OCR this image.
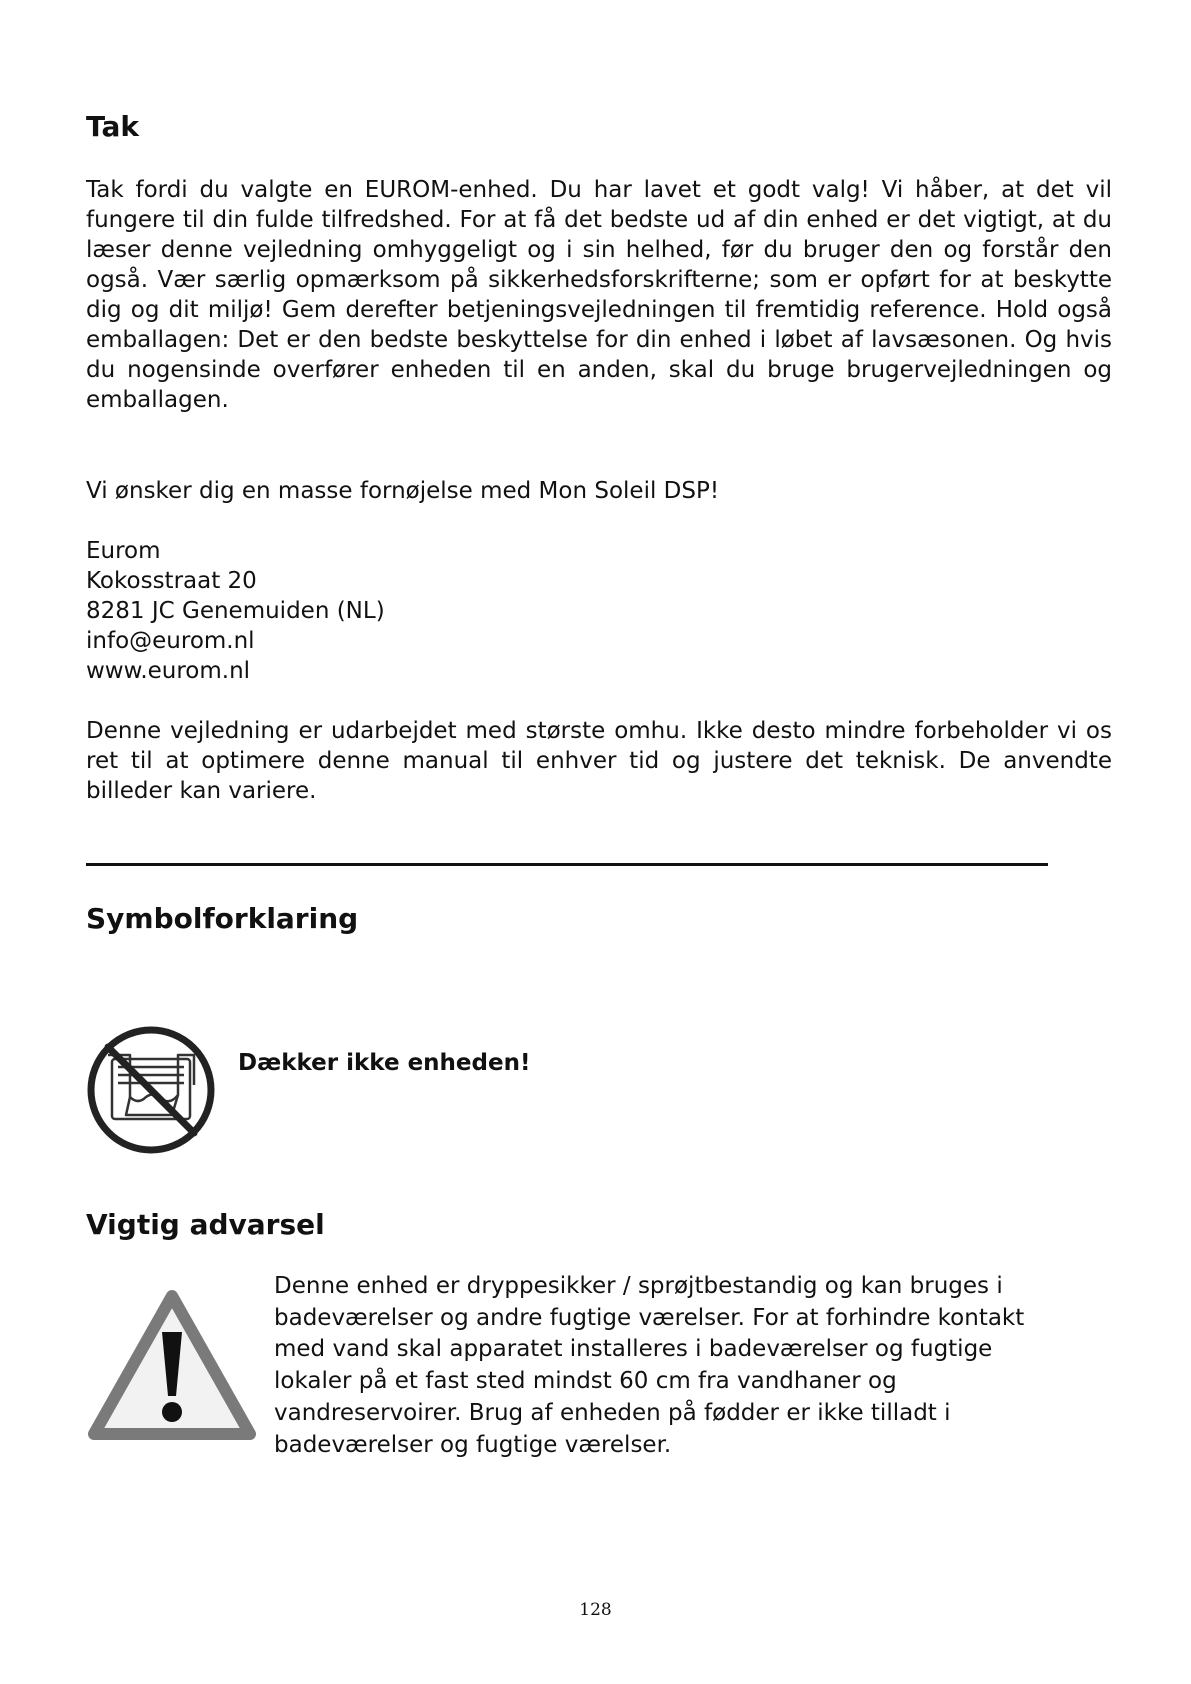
Tak

Tak fordi du valgte en EUROM-enhed. Du har lavet et godt valg! Vi håber, at det vil fungere til din fulde tilfredshed. For at få det bedste ud af din enhed er det vigtigt, at du læser denne vejledning omhyggeligt og i sin helhed, før du bruger den og forstår den også. Vær særlig opmærksom på sikkerhedsforskrifterne; som er opført for at beskytte dig og dit miljø! Gem derefter betjeningsvejledningen til fremtidig reference. Hold også emballagen: Det er den bedste beskyttelse for din enhed i løbet af lavsæsonen. Og hvis du nogensinde overfører enheden til en anden, skal du bruge brugervejledningen og emballagen.

Vi ønsker dig en masse fornøjelse med Mon Soleil DSP!

Eurom
Kokosstraat 20
8281 JC Genemuiden (NL)
info@eurom.nl
www.eurom.nl

Denne vejledning er udarbejdet med største omhu. Ikke desto mindre forbeholder vi os ret til at optimere denne manual til enhver tid og justere det teknisk. De anvendte billeder kan variere.

Symbolforklaring
Dækker ikke enheden!
Vigtig advarsel
Denne enhed er dryppesikker / sprøjtbestandig og kan bruges i
badeværelser og andre fugtige værelser. For at forhindre kontakt
med vand skal apparatet installeres i badeværelser og fugtige
lokaler på et fast sted mindst 60 cm fra vandhaner og
vandreservoirer. Brug af enheden på fødder er ikke tilladt i
badeværelser og fugtige værelser.
128
